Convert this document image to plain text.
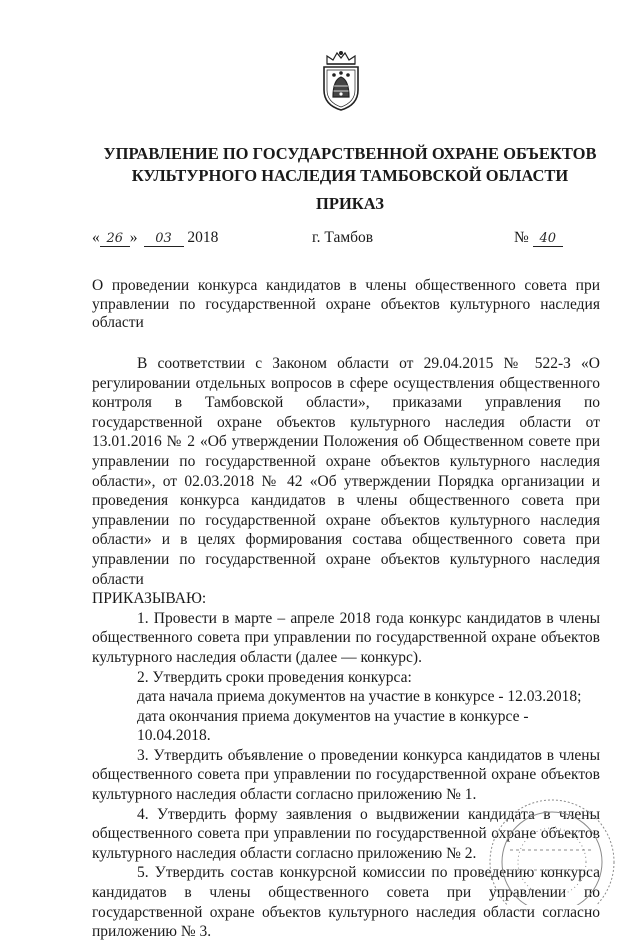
УПРАВЛЕНИЕ ПО ГОСУДАРСТВЕННОЙ ОХРАНЕ ОБЪЕКТОВ
КУЛЬТУРНОГО НАСЛЕДИЯ ТАМБОВСКОЙ ОБЛАСТИ
ПРИКАЗ
« 26 » 03 2018	г. Тамбов	№ 40
О проведении конкурса кандидатов в члены общественного совета при управлении по государственной охране объектов культурного наследия области

В соответствии с Законом области от 29.04.2015 № 522-З «О регулировании отдельных вопросов в сфере осуществления общественного контроля в Тамбовской области», приказами управления по государственной охране объектов культурного наследия области от 13.01.2016 № 2 «Об утверждении Положения об Общественном совете при управлении по государственной охране объектов культурного наследия области», от 02.03.2018 № 42 «Об утверждении Порядка организации и проведения конкурса кандидатов в члены общественного совета при управлении по государственной охране объектов культурного наследия области» и в целях формирования состава общественного совета при управлении по государственной охране объектов культурного наследия области

ПРИКАЗЫВАЮ:

1. Провести в марте – апреле 2018 года конкурс кандидатов в члены общественного совета при управлении по государственной охране объектов культурного наследия области (далее — конкурс).

2. Утвердить сроки проведения конкурса:

дата начала приема документов на участие в конкурсе - 12.03.2018;

дата окончания приема документов на участие в конкурсе - 10.04.2018.

3. Утвердить объявление о проведении конкурса кандидатов в члены общественного совета при управлении по государственной охране объектов культурного наследия области согласно приложению № 1.

4. Утвердить форму заявления о выдвижении кандидата в члены общественного совета при управлении по государственной охране объектов культурного наследия области согласно приложению № 2.

5. Утвердить состав конкурсной комиссии по проведению конкурса кандидатов в члены общественного совета при управлении по государственной охране объектов культурного наследия области согласно приложению № 3.
